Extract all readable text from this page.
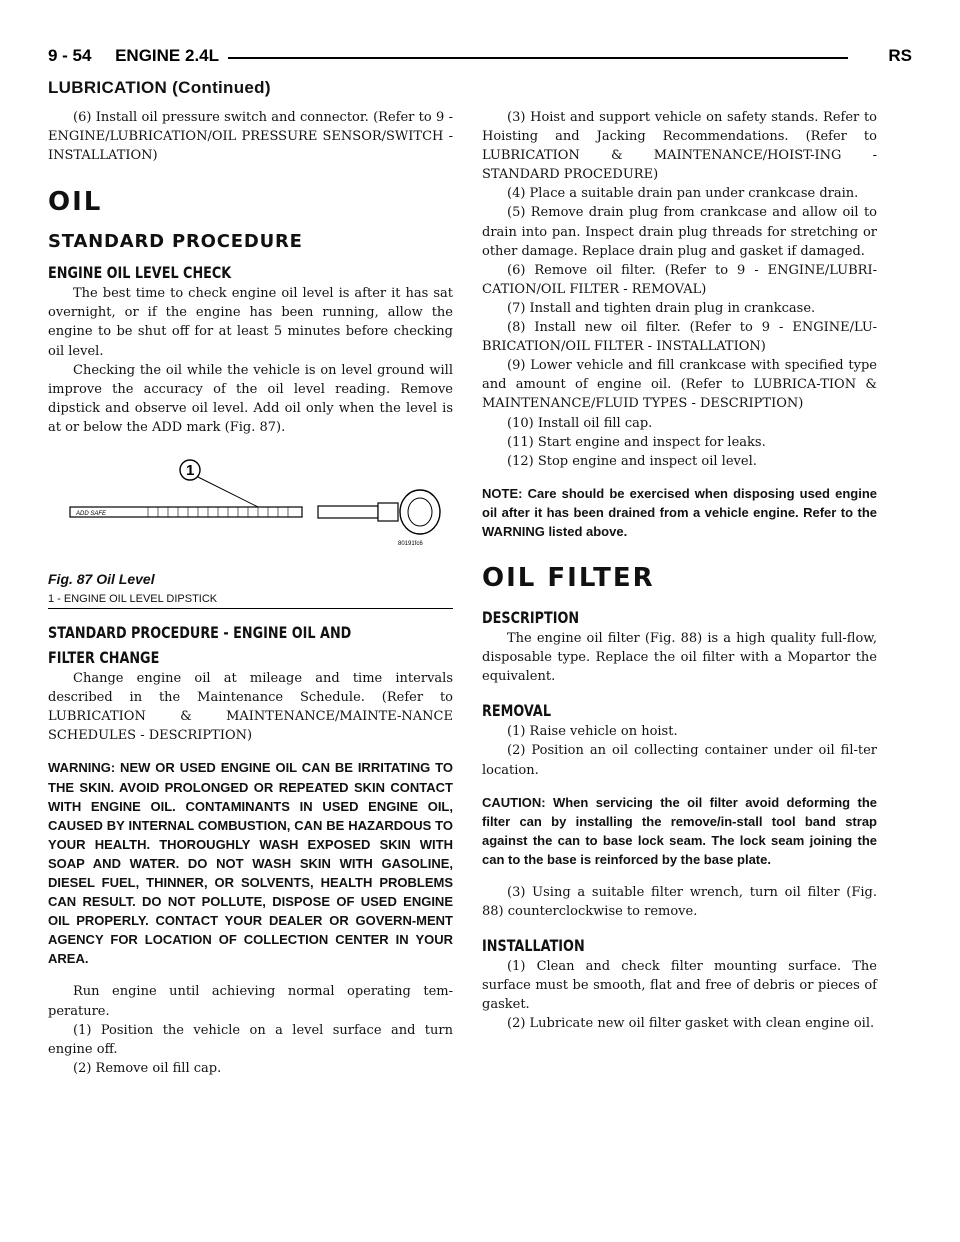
9 - 54     ENGINE 2.4L	RS
LUBRICATION (Continued)

(6) Install oil pressure switch and connector. (Refer to 9 - ENGINE/LUBRICATION/OIL PRESSURE SENSOR/SWITCH - INSTALLATION)

OIL
STANDARD PROCEDURE
ENGINE OIL LEVEL CHECK

The best time to check engine oil level is after it has sat overnight, or if the engine has been running, allow the engine to be shut off for at least 5 minutes before checking oil level.

Checking the oil while the vehicle is on level ground will improve the accuracy of the oil level reading. Remove dipstick and observe oil level. Add oil only when the level is at or below the ADD mark (Fig. 87).

1
ADD SAFE
80191fc6
Fig. 87 Oil Level
1 - ENGINE OIL LEVEL DIPSTICK
STANDARD PROCEDURE - ENGINE OIL AND
FILTER CHANGE

Change engine oil at mileage and time intervals described in the Maintenance Schedule. (Refer to LUBRICATION & MAINTENANCE/MAINTE-NANCE SCHEDULES - DESCRIPTION)

WARNING: NEW OR USED ENGINE OIL CAN BE IRRITATING TO THE SKIN. AVOID PROLONGED OR REPEATED SKIN CONTACT WITH ENGINE OIL. CONTAMINANTS IN USED ENGINE OIL, CAUSED BY INTERNAL COMBUSTION, CAN BE HAZARDOUS TO YOUR HEALTH. THOROUGHLY WASH EXPOSED SKIN WITH SOAP AND WATER. DO NOT WASH SKIN WITH GASOLINE, DIESEL FUEL, THINNER, OR SOLVENTS, HEALTH PROBLEMS CAN RESULT. DO NOT POLLUTE, DISPOSE OF USED ENGINE OIL PROPERLY. CONTACT YOUR DEALER OR GOVERN-MENT AGENCY FOR LOCATION OF COLLECTION CENTER IN YOUR AREA.

Run engine until achieving normal operating tem-perature.

(1) Position the vehicle on a level surface and turn engine off.

(2) Remove oil fill cap.

(3) Hoist and support vehicle on safety stands. Refer to Hoisting and Jacking Recommendations. (Refer to LUBRICATION & MAINTENANCE/HOIST-ING - STANDARD PROCEDURE)

(4) Place a suitable drain pan under crankcase drain.

(5) Remove drain plug from crankcase and allow oil to drain into pan. Inspect drain plug threads for stretching or other damage. Replace drain plug and gasket if damaged.

(6) Remove oil filter. (Refer to 9 - ENGINE/LUBRI-CATION/OIL FILTER - REMOVAL)

(7) Install and tighten drain plug in crankcase.

(8) Install new oil filter. (Refer to 9 - ENGINE/LU-BRICATION/OIL FILTER - INSTALLATION)

(9) Lower vehicle and fill crankcase with specified type and amount of engine oil. (Refer to LUBRICA-TION & MAINTENANCE/FLUID TYPES - DESCRIPTION)

(10) Install oil fill cap.

(11) Start engine and inspect for leaks.

(12) Stop engine and inspect oil level.

NOTE: Care should be exercised when disposing used engine oil after it has been drained from a vehicle engine. Refer to the WARNING listed above.

OIL FILTER
DESCRIPTION

The engine oil filter (Fig. 88) is a high quality full-flow, disposable type. Replace the oil filter with a Mopartor the equivalent.

REMOVAL

(1) Raise vehicle on hoist.

(2) Position an oil collecting container under oil fil-ter location.

CAUTION: When servicing the oil filter avoid deforming the filter can by installing the remove/in-stall tool band strap against the can to base lock seam. The lock seam joining the can to the base is reinforced by the base plate.

(3) Using a suitable filter wrench, turn oil filter (Fig. 88) counterclockwise to remove.

INSTALLATION

(1) Clean and check filter mounting surface. The surface must be smooth, flat and free of debris or pieces of gasket.

(2) Lubricate new oil filter gasket with clean engine oil.
